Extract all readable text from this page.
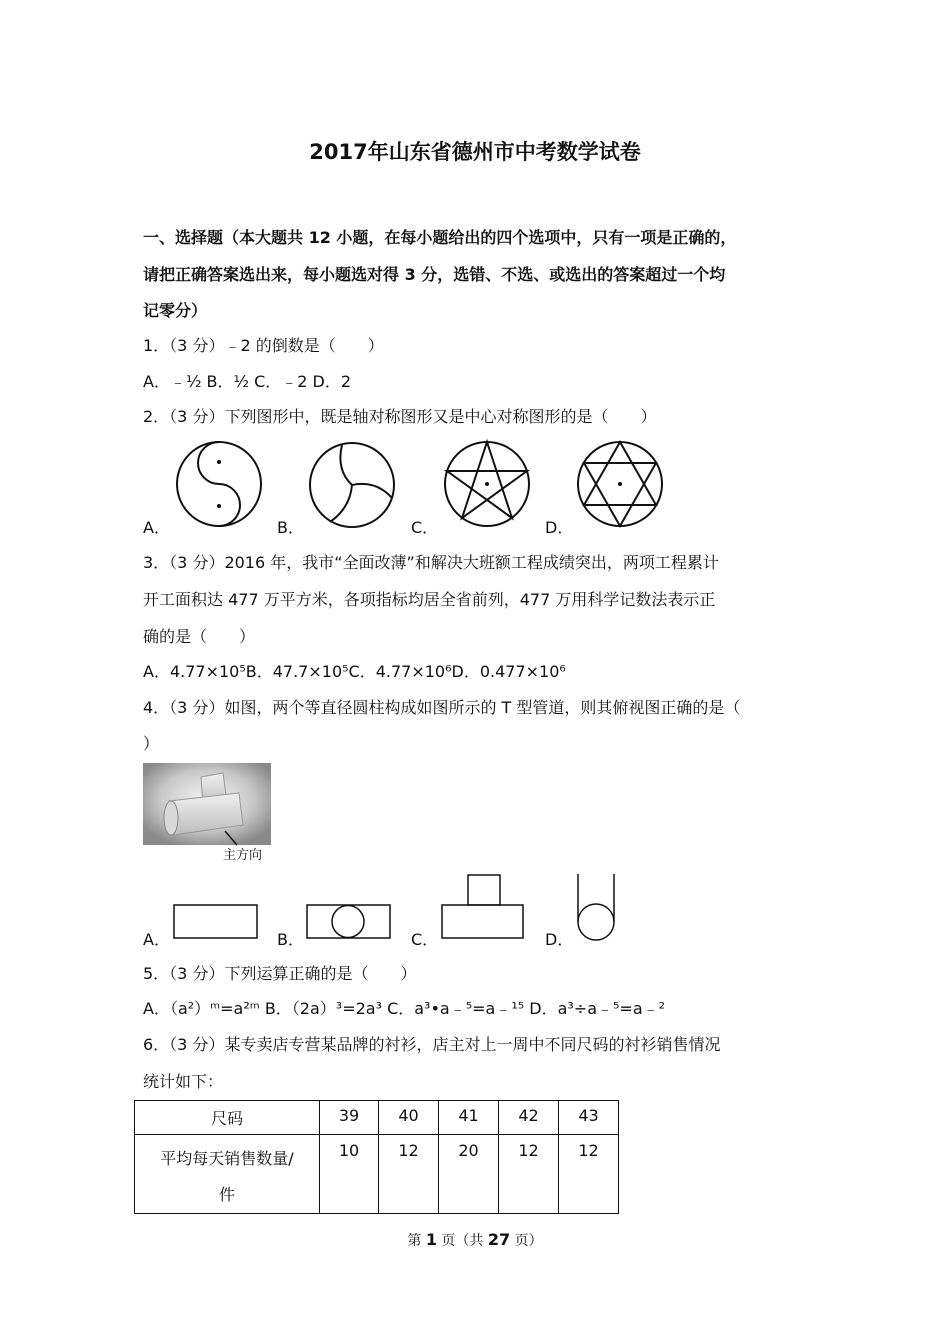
2017年山东省德州市中考数学试卷
一、选择题（本大题共 12 小题，在每小题给出的四个选项中，只有一项是正确的，
请把正确答案选出来，每小题选对得 3 分，选错、不选、或选出的答案超过一个均
记零分）
1．（3 分）﹣2 的倒数是（　　）
A．﹣½ B．½ C．﹣2 D．2
2．（3 分）下列图形中，既是轴对称图形又是中心对称图形的是（　　）
A．	B．	C．	D．
3．（3 分）2016 年，我市“全面改薄”和解决大班额工程成绩突出，两项工程累计
开工面积达 477 万平方米，各项指标均居全省前列，477 万用科学记数法表示正
确的是（　　）
A．4.77×10⁵B．47.7×10⁵C．4.77×10⁶D．0.477×10⁶
4．（3 分）如图，两个等直径圆柱构成如图所示的 T 型管道，则其俯视图正确的是（
）
主方向
A．	B．	C．	D．
5．（3 分）下列运算正确的是（　　）
A．（a²）ᵐ=a²ᵐ B．（2a）³=2a³ C．a³•a﹣⁵=a﹣¹⁵ D．a³÷a﹣⁵=a﹣²
6．（3 分）某专卖店专营某品牌的衬衫，店主对上一周中不同尺码的衬衫销售情况
统计如下：
尺码	39	40	41	42	43

平均每天销售数量/
件	10	12	20	12	12
第 1 页（共 27 页）
